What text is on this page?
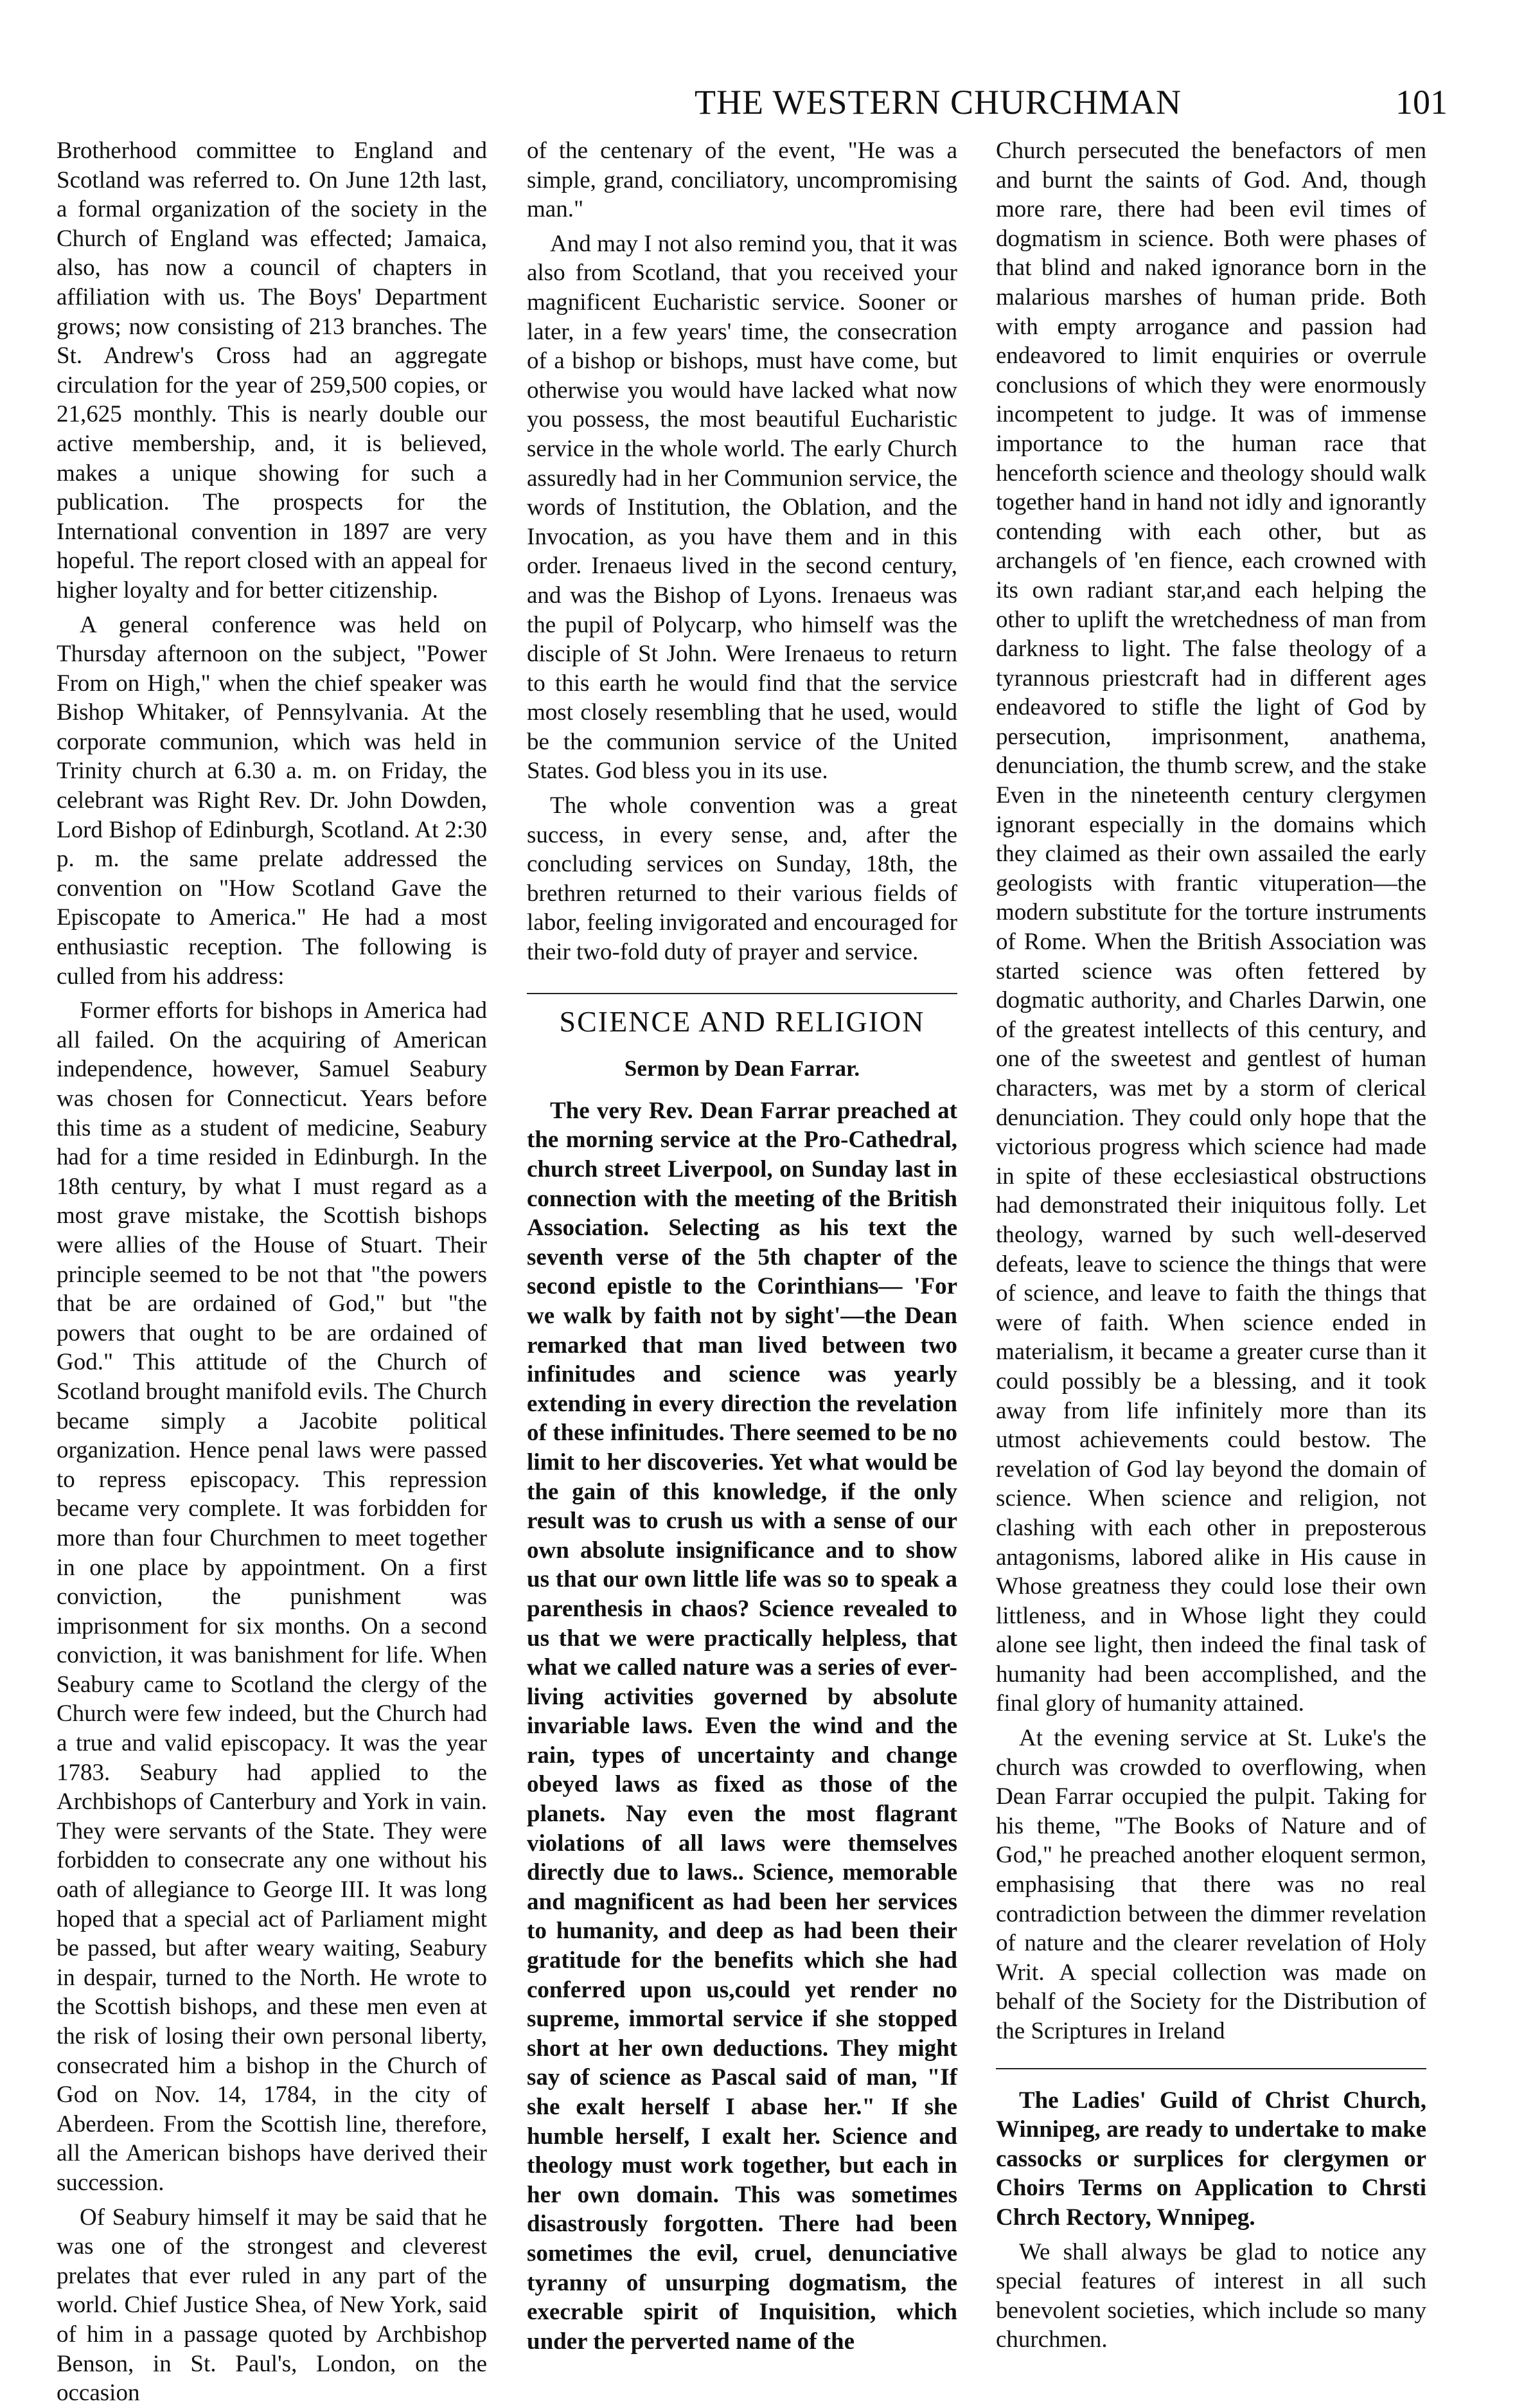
THE WESTERN CHURCHMAN	101

Brotherhood committee to England and Scotland was referred to. On June 12th last, a formal organization of the society in the Church of England was effected; Jamaica, also, has now a council of chapters in affiliation with us. The Boys' Department grows; now consisting of 213 branches. The St. Andrew's Cross had an aggregate circulation for the year of 259,500 copies, or 21,625 monthly. This is nearly double our active membership, and, it is believed, makes a unique showing for such a publication. The prospects for the International convention in 1897 are very hopeful. The report closed with an appeal for higher loyalty and for better citizenship.

A general conference was held on Thursday afternoon on the subject, "Power From on High," when the chief speaker was Bishop Whitaker, of Pennsylvania. At the corporate communion, which was held in Trinity church at 6.30 a. m. on Friday, the celebrant was Right Rev. Dr. John Dowden, Lord Bishop of Edinburgh, Scotland. At 2:30 p. m. the same prelate addressed the convention on "How Scotland Gave the Episcopate to America." He had a most enthusiastic reception. The following is culled from his address:

Former efforts for bishops in America had all failed. On the acquiring of American independence, however, Samuel Seabury was chosen for Connecticut. Years before this time as a student of medicine, Seabury had for a time resided in Edinburgh. In the 18th century, by what I must regard as a most grave mistake, the Scottish bishops were allies of the House of Stuart. Their principle seemed to be not that "the powers that be are ordained of God," but "the powers that ought to be are ordained of God." This attitude of the Church of Scotland brought manifold evils. The Church became simply a Jacobite political organization. Hence penal laws were passed to repress episcopacy. This repression became very complete. It was forbidden for more than four Churchmen to meet together in one place by appointment. On a first conviction, the punishment was imprisonment for six months. On a second conviction, it was banishment for life. When Seabury came to Scotland the clergy of the Church were few indeed, but the Church had a true and valid episcopacy. It was the year 1783. Seabury had applied to the Archbishops of Canterbury and York in vain. They were servants of the State. They were forbidden to consecrate any one without his oath of allegiance to George III. It was long hoped that a special act of Parliament might be passed, but after weary waiting, Seabury in despair, turned to the North. He wrote to the Scottish bishops, and these men even at the risk of losing their own personal liberty, consecrated him a bishop in the Church of God on Nov. 14, 1784, in the city of Aberdeen. From the Scottish line, therefore, all the American bishops have derived their succession.

Of Seabury himself it may be said that he was one of the strongest and cleverest prelates that ever ruled in any part of the world. Chief Justice Shea, of New York, said of him in a passage quoted by Archbishop Benson, in St. Paul's, London, on the occasion

of the centenary of the event, "He was a simple, grand, conciliatory, uncompromising man."

And may I not also remind you, that it was also from Scotland, that you received your magnificent Eucharistic service. Sooner or later, in a few years' time, the consecration of a bishop or bishops, must have come, but otherwise you would have lacked what now you possess, the most beautiful Eucharistic service in the whole world. The early Church assuredly had in her Communion service, the words of Institution, the Oblation, and the Invocation, as you have them and in this order. Irenaeus lived in the second century, and was the Bishop of Lyons. Irenaeus was the pupil of Polycarp, who himself was the disciple of St John. Were Irenaeus to return to this earth he would find that the service most closely resembling that he used, would be the communion service of the United States. God bless you in its use.

The whole convention was a great success, in every sense, and, after the concluding services on Sunday, 18th, the brethren returned to their various fields of labor, feeling invigorated and encouraged for their two-fold duty of prayer and service.

SCIENCE AND RELIGION
Sermon by Dean Farrar.

The very Rev. Dean Farrar preached at the morning service at the Pro-Cathedral, church street Liverpool, on Sunday last in connection with the meeting of the British Association. Selecting as his text the seventh verse of the 5th chapter of the second epistle to the Corinthians— 'For we walk by faith not by sight'—the Dean remarked that man lived between two infinitudes and science was yearly extending in every direction the revelation of these infinitudes. There seemed to be no limit to her discoveries. Yet what would be the gain of this knowledge, if the only result was to crush us with a sense of our own absolute insignificance and to show us that our own little life was so to speak a parenthesis in chaos? Science revealed to us that we were practically helpless, that what we called nature was a series of ever-living activities governed by absolute invariable laws. Even the wind and the rain, types of uncertainty and change obeyed laws as fixed as those of the planets. Nay even the most flagrant violations of all laws were themselves directly due to laws.. Science, memorable and magnificent as had been her services to humanity, and deep as had been their gratitude for the benefits which she had conferred upon us,could yet render no supreme, immortal service if she stopped short at her own deductions. They might say of science as Pascal said of man, "If she exalt herself I abase her." If she humble herself, I exalt her. Science and theology must work together, but each in her own domain. This was sometimes disastrously forgotten. There had been sometimes the evil, cruel, denunciative tyranny of unsurping dogmatism, the execrable spirit of Inquisition, which under the perverted name of the

Church persecuted the benefactors of men and burnt the saints of God. And, though more rare, there had been evil times of dogmatism in science. Both were phases of that blind and naked ignorance born in the malarious marshes of human pride. Both with empty arrogance and passion had endeavored to limit enquiries or overrule conclusions of which they were enormously incompetent to judge. It was of immense importance to the human race that henceforth science and theology should walk together hand in hand not idly and ignorantly contending with each other, but as archangels of 'en fience, each crowned with its own radiant star,and each helping the other to uplift the wretchedness of man from darkness to light. The false theology of a tyrannous priestcraft had in different ages endeavored to stifle the light of God by persecution, imprisonment, anathema, denunciation, the thumb screw, and the stake Even in the nineteenth century clergymen ignorant especially in the domains which they claimed as their own assailed the early geologists with frantic vituperation—the modern substitute for the torture instruments of Rome. When the British Association was started science was often fettered by dogmatic authority, and Charles Darwin, one of the greatest intellects of this century, and one of the sweetest and gentlest of human characters, was met by a storm of clerical denunciation. They could only hope that the victorious progress which science had made in spite of these ecclesiastical obstructions had demonstrated their iniquitous folly. Let theology, warned by such well-deserved defeats, leave to science the things that were of science, and leave to faith the things that were of faith. When science ended in materialism, it became a greater curse than it could possibly be a blessing, and it took away from life infinitely more than its utmost achievements could bestow. The revelation of God lay beyond the domain of science. When science and religion, not clashing with each other in preposterous antagonisms, labored alike in His cause in Whose greatness they could lose their own littleness, and in Whose light they could alone see light, then indeed the final task of humanity had been accomplished, and the final glory of humanity attained.

At the evening service at St. Luke's the church was crowded to overflowing, when Dean Farrar occupied the pulpit. Taking for his theme, "The Books of Nature and of God," he preached another eloquent sermon, emphasising that there was no real contradiction between the dimmer revelation of nature and the clearer revelation of Holy Writ. A special collection was made on behalf of the Society for the Distribution of the Scriptures in Ireland

The Ladies' Guild of Christ Church, Winnipeg, are ready to undertake to make cassocks or surplices for clergymen or Choirs Terms on Application to Chrsti Chrch Rectory, Wnnipeg.

We shall always be glad to notice any special features of interest in all such benevolent societies, which include so many churchmen.
